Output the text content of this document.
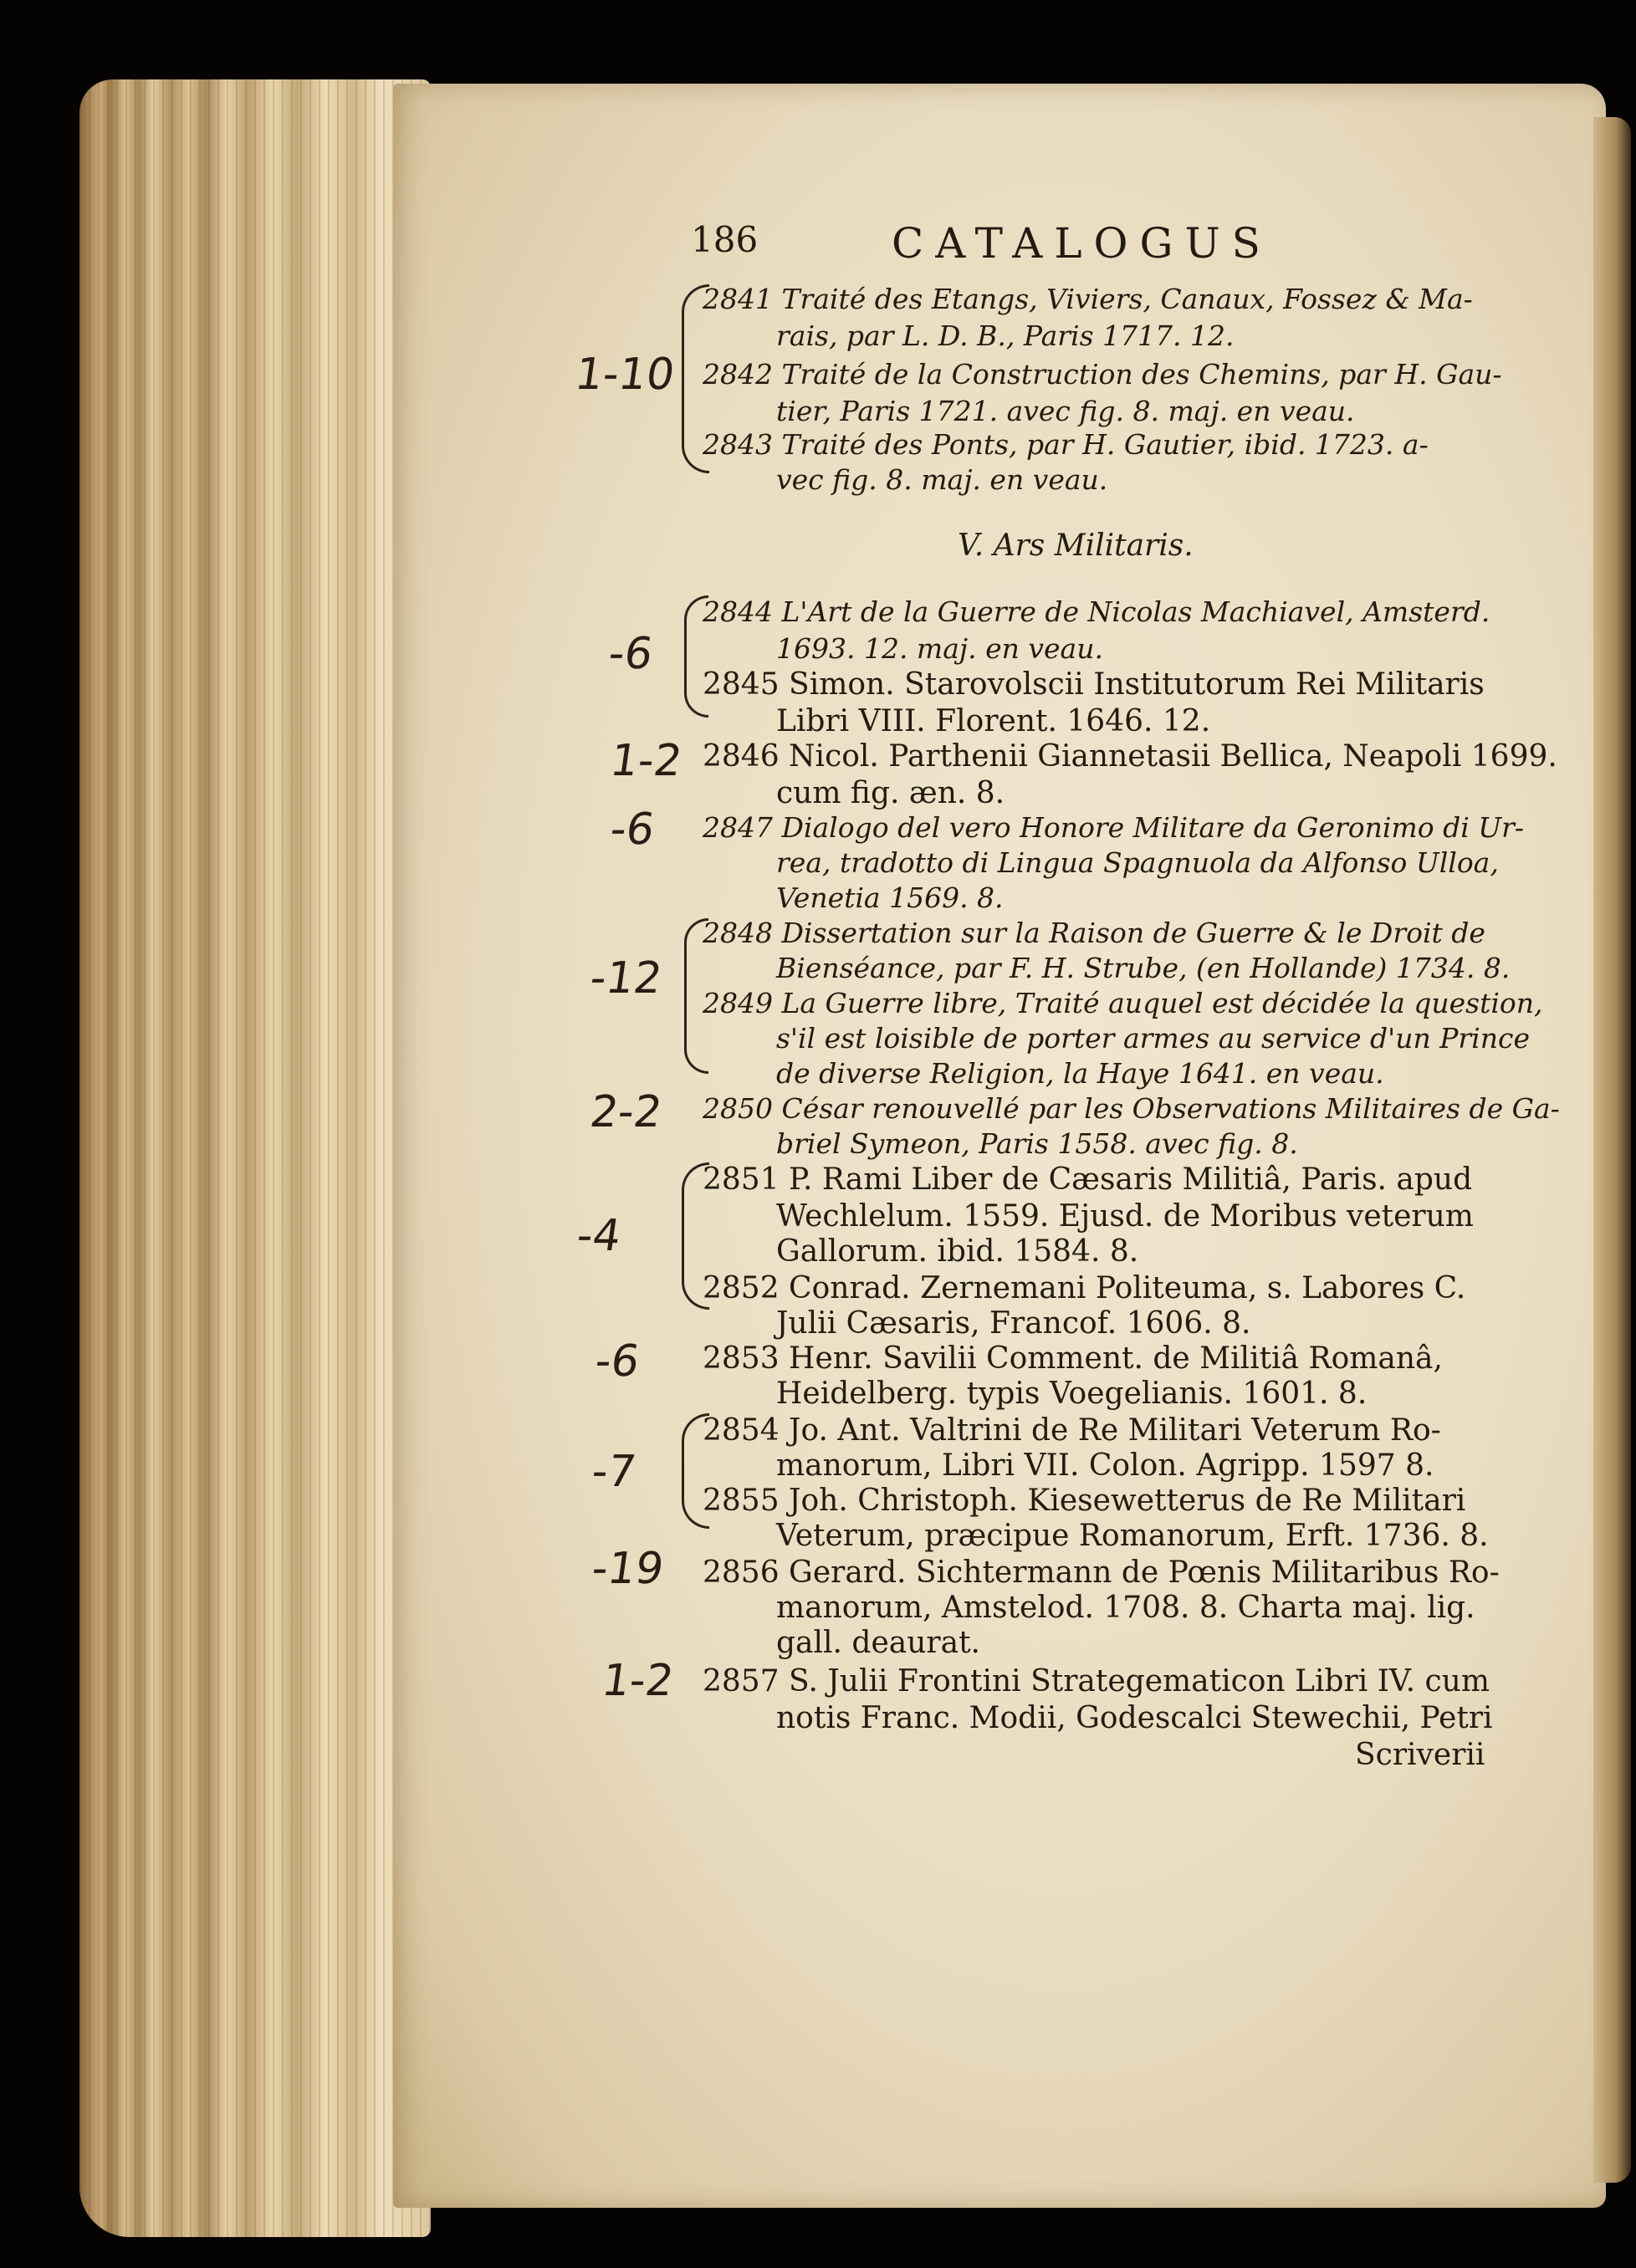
186	CATALOGUS
2841 Traité des Etangs, Viviers, Canaux, Fossez & Ma-
rais, par L. D. B., Paris 1717. 12.
2842 Traité de la Construction des Chemins, par H. Gau-
tier, Paris 1721. avec fig. 8. maj. en veau.
2843 Traité des Ponts, par H. Gautier, ibid. 1723. a-
vec fig. 8. maj. en veau.
V. Ars Militaris.
2844 L'Art de la Guerre de Nicolas Machiavel, Amsterd.
1693. 12. maj. en veau.
2845 Simon. Starovolscii Institutorum Rei Militaris
Libri VIII. Florent. 1646. 12.
2846 Nicol. Parthenii Giannetasii Bellica, Neapoli 1699.
cum fig. æn. 8.
2847 Dialogo del vero Honore Militare da Geronimo di Ur-
rea, tradotto di Lingua Spagnuola da Alfonso Ulloa,
Venetia 1569. 8.
2848 Dissertation sur la Raison de Guerre & le Droit de
Bienséance, par F. H. Strube, (en Hollande) 1734. 8.
2849 La Guerre libre, Traité auquel est décidée la question,
s'il est loisible de porter armes au service d'un Prince
de diverse Religion, la Haye 1641. en veau.
2850 César renouvellé par les Observations Militaires de Ga-
briel Symeon, Paris 1558. avec fig. 8.
2851 P. Rami Liber de Cæsaris Militiâ, Paris. apud
Wechlelum. 1559. Ejusd. de Moribus veterum
Gallorum. ibid. 1584. 8.
2852 Conrad. Zernemani Politeuma, s. Labores C.
Julii Cæsaris, Francof. 1606. 8.
2853 Henr. Savilii Comment. de Militiâ Romanâ,
Heidelberg. typis Voegelianis. 1601. 8.
2854 Jo. Ant. Valtrini de Re Militari Veterum Ro-
manorum, Libri VII. Colon. Agripp. 1597 8.
2855 Joh. Christoph. Kiesewetterus de Re Militari
Veterum, præcipue Romanorum, Erft. 1736. 8.
2856 Gerard. Sichtermann de Pœnis Militaribus Ro-
manorum, Amstelod. 1708. 8. Charta maj. lig.
gall. deaurat.
2857 S. Julii Frontini Strategematicon Libri IV. cum
notis Franc. Modii, Godescalci Stewechii, Petri
Scriverii
1-10
-6
1-2
-6
-12
2-2
-4
-6
-7
-19
1-2
